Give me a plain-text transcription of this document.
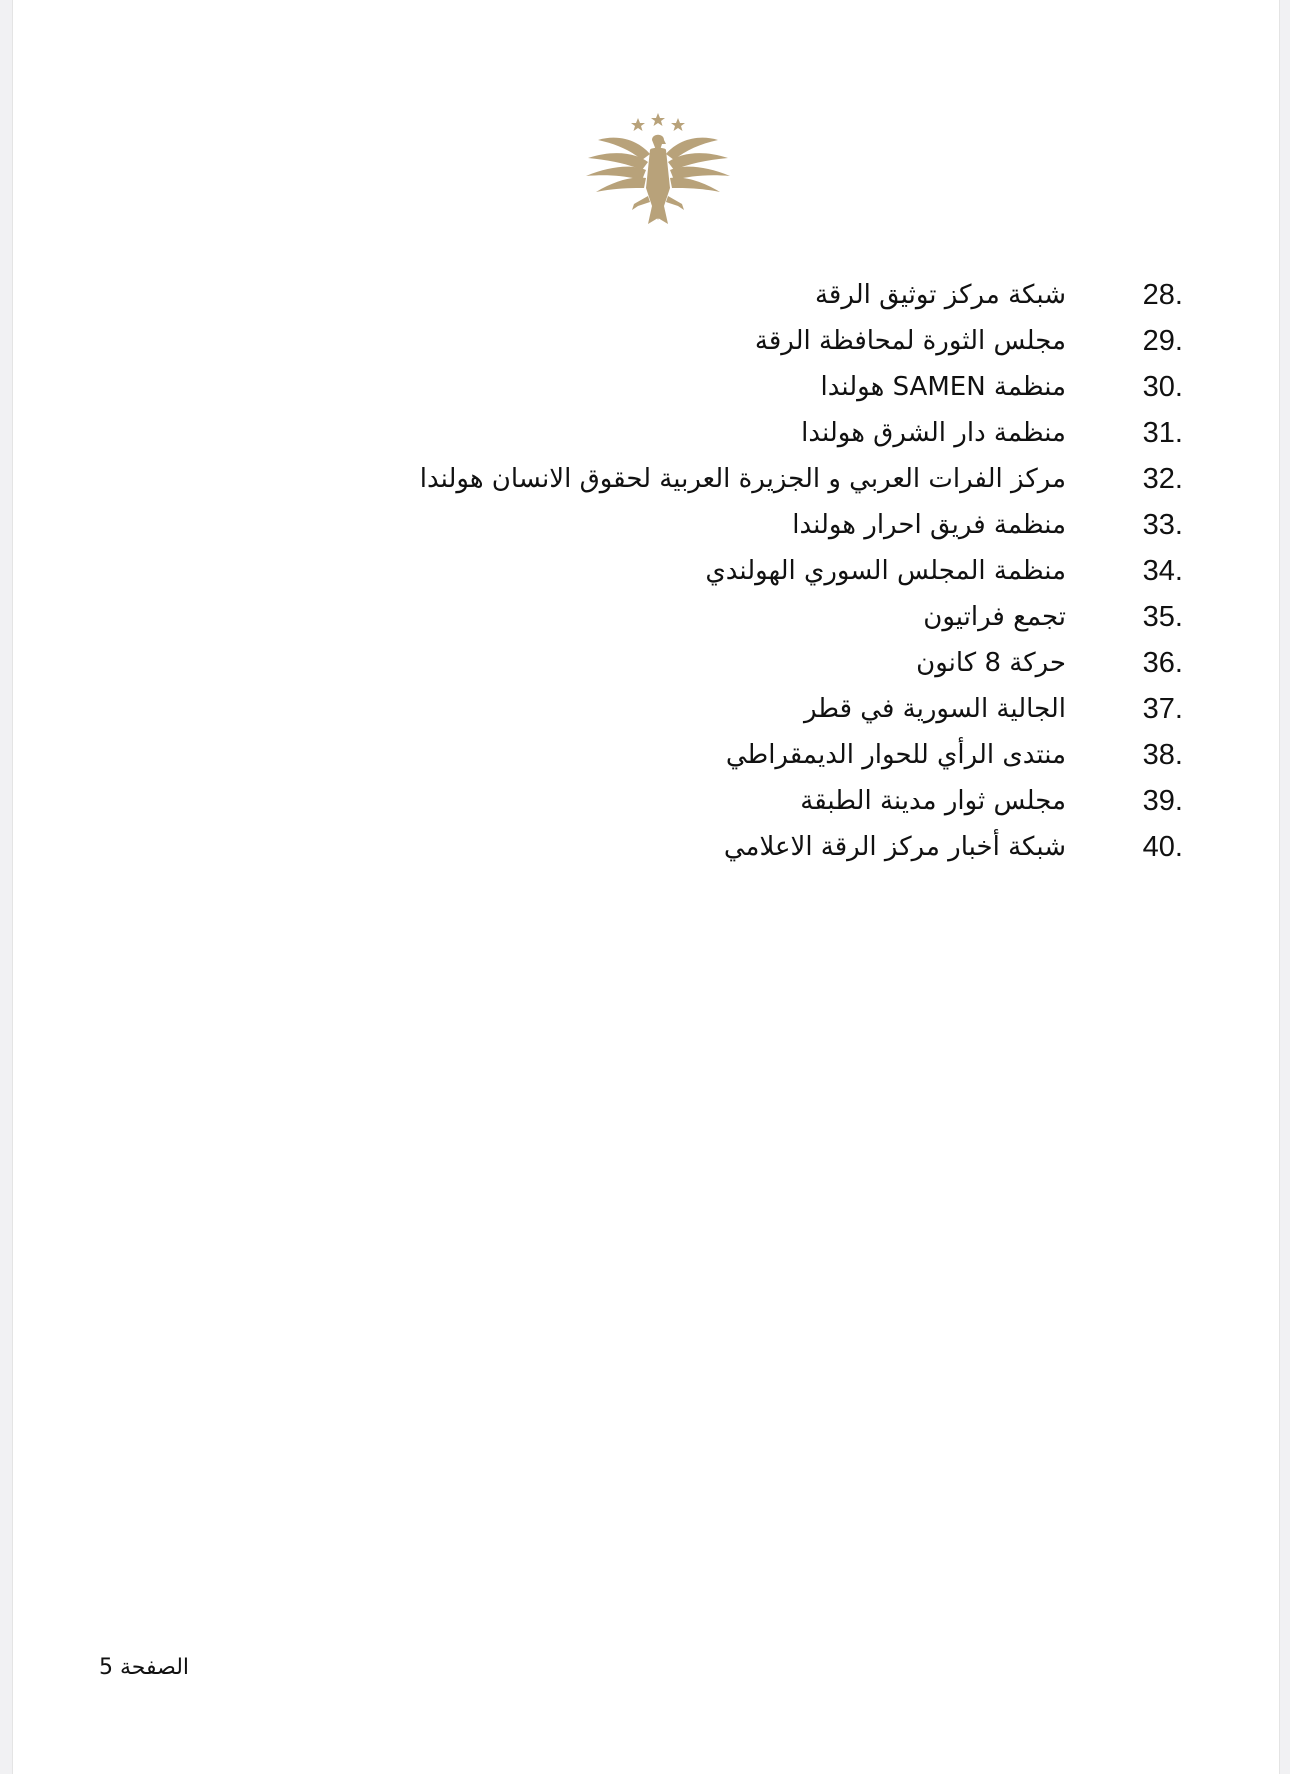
28.
شبكة مركز توثيق الرقة
29.
مجلس الثورة لمحافظة الرقة
30.
منظمة SAMEN هولندا
31.
منظمة دار الشرق هولندا
32.
مركز الفرات العربي و الجزيرة العربية لحقوق الانسان هولندا
33.
منظمة فريق احرار هولندا
34.
منظمة المجلس السوري الهولندي
35.
تجمع فراتيون
36.
حركة 8 كانون
37.
الجالية السورية في قطر
38.
منتدى الرأي للحوار الديمقراطي
39.
مجلس ثوار مدينة الطبقة
40.
شبكة أخبار مركز الرقة الاعلامي
الصفحة 5
